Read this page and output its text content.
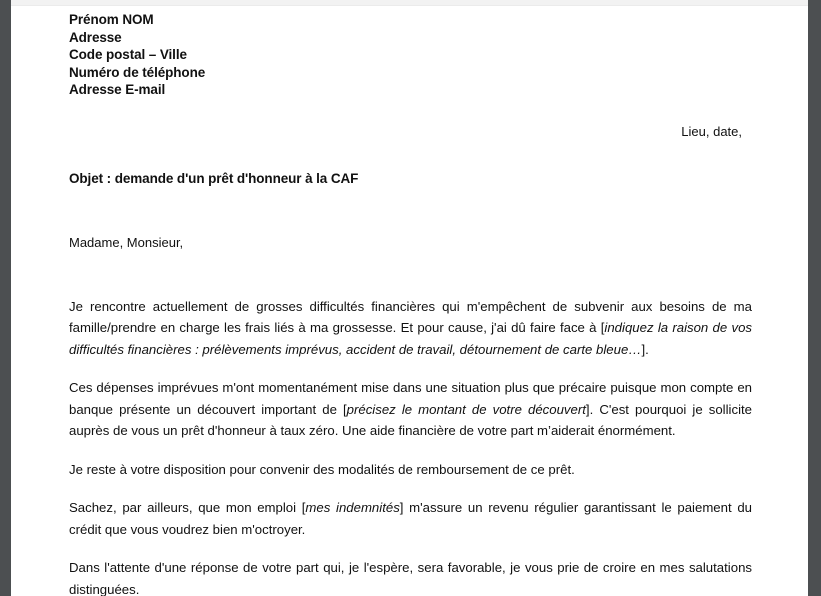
Prénom NOM
Adresse
Code postal – Ville
Numéro de téléphone
Adresse E-mail
Lieu, date,
Objet : demande d'un prêt d'honneur à la CAF
Madame, Monsieur,

Je rencontre actuellement de grosses difficultés financières qui m'empêchent de subvenir aux besoins de ma famille/prendre en charge les frais liés à ma grossesse. Et pour cause, j'ai dû faire face à [indiquez la raison de vos difficultés financières : prélèvements imprévus, accident de travail, détournement de carte bleue…].

Ces dépenses imprévues m'ont momentanément mise dans une situation plus que précaire puisque mon compte en banque présente un découvert important de [précisez le montant de votre découvert]. C'est pourquoi je sollicite auprès de vous un prêt d'honneur à taux zéro. Une aide financière de votre part m’aiderait énormément.

Je reste à votre disposition pour convenir des modalités de remboursement de ce prêt.

Sachez, par ailleurs, que mon emploi [mes indemnités] m'assure un revenu régulier garantissant le paiement du crédit que vous voudrez bien m'octroyer.

Dans l'attente d'une réponse de votre part qui, je l'espère, sera favorable, je vous prie de croire en mes salutations distinguées.
